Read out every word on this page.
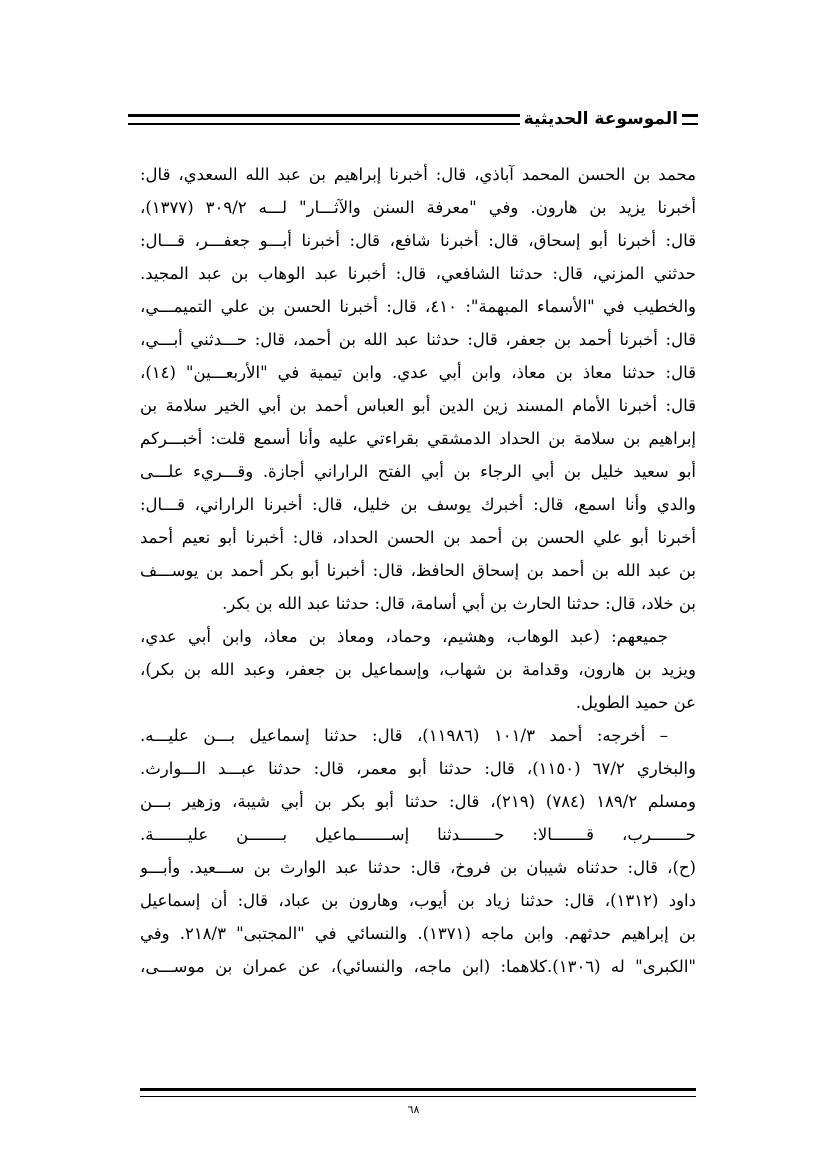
الموسوعة الحديثية
محمد بن الحسن المحمد آباذي، قال: أخبرنا إبراهيم بن عبد الله السعدي، قال:
أخبرنا يزيد بن هارون. وفي "معرفة السنن والآثـــار" لـــه ٣٠٩/٢ (١٣٧٧)،
قال: أخبرنا أبو إسحاق، قال: أخبرنا شافع، قال: أخبرنا أبـــو جعفـــر، قـــال:
حدثني المزني، قال: حدثنا الشافعي، قال: أخبرنا عبد الوهاب بن عبد المجيد.
والخطيب في "الأسماء المبهمة": ٤١٠، قال: أخبرنا الحسن بن علي التميمـــي،
قال: أخبرنا أحمد بن جعفر، قال: حدثنا عبد الله بن أحمد، قال: حـــدثني أبـــي،
قال: حدثنا معاذ بن معاذ، وابن أبي عدي. وابن تيمية في "الأربعـــين" (١٤)،
قال: أخبرنا الأمام المسند زين الدين أبو العباس أحمد بن أبي الخير سلامة بن
إبراهيم بن سلامة بن الحداد الدمشقي بقراءتي عليه وأنا أسمع قلت: أخبـــركم
أبو سعيد خليل بن أبي الرجاء بن أبي الفتح الراراني أجازة. وقـــريء علـــى
والدي وأنا اسمع، قال: أخبرك يوسف بن خليل، قال: أخبرنا الراراني، قـــال:
أخبرنا أبو علي الحسن بن أحمد بن الحسن الحداد، قال: أخبرنا أبو نعيم أحمد
بن عبد الله بن أحمد بن إسحاق الحافظ، قال: أخبرنا أبو بكر أحمد بن يوســـف
بن خلاد، قال: حدثنا الحارث بن أبي أسامة، قال: حدثنا عبد الله بن بكر.
جميعهم: (عبد الوهاب، وهشيم، وحماد، ومعاذ بن معاذ، وابن أبي عدي،
ويزيد بن هارون، وقدامة بن شهاب، وإسماعيل بن جعفر، وعبد الله بن بكر)،
عن حميد الطويل.
– أخرجه: أحمد ١٠١/٣ (١١٩٨٦)، قال: حدثنا إسماعيل بـــن عليـــه.
والبخاري ٦٧/٢ (١١٥٠)، قال: حدثنا أبو معمر، قال: حدثنا عبـــد الـــوارث.
ومسلم ١٨٩/٢ (٧٨٤) (٢١٩)، قال: حدثنا أبو بكر بن أبي شيبة، وزهير بـــن
حـــــــرب، قـــــــالا: حـــــــدثنا إســـــــماعيل بـــــــن عليـــــــة.
(ح)، قال: حدثناه شيبان بن فروخ، قال: حدثنا عبد الوارث بن ســـعيد. وأبـــو
داود (١٣١٢)، قال: حدثنا زياد بن أيوب، وهارون بن عباد، قال: أن إسماعيل
بن إبراهيم حدثهم. وابن ماجه (١٣٧١). والنسائي في "المجتبى" ٢١٨/٣. وفي
"الكبرى" له (١٣٠٦).كلاهما: (ابن ماجه، والنسائي)، عن عمران بن موســـى،
٦٨
